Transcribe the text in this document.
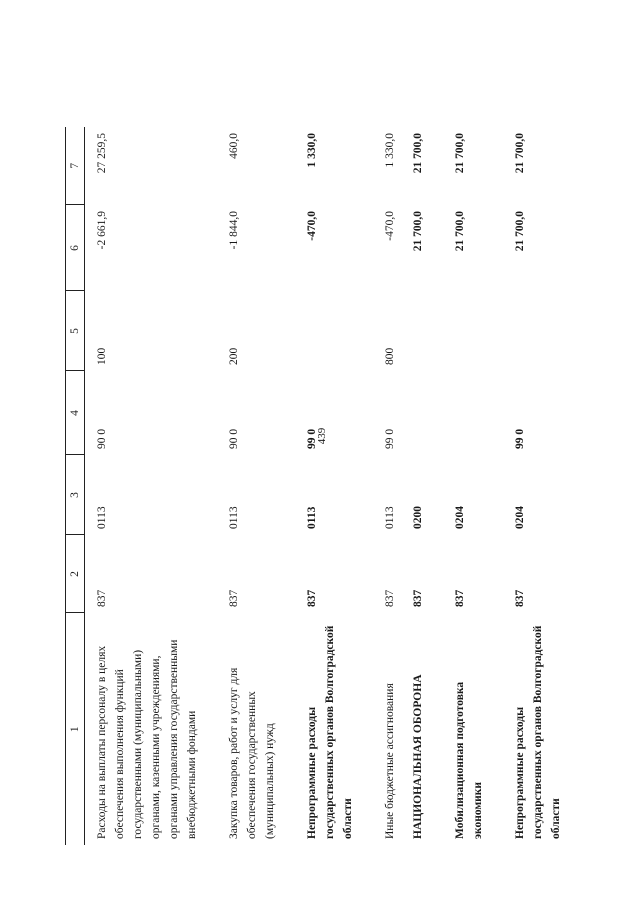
439
1	2	3	4	5	6	7
Расходы на выплаты персоналу в целях обеспечения выполнения функций государственными (муниципальными) органами, казенными учреждениями, органами управления государственными внебюджетными фондами	837	0113	90 0	100	-2 661,9	27 259,5
Закупка товаров, работ и услуг для обеспечения государственных (муниципальных) нужд	837	0113	90 0	200	-1 844,0	460,0
Непрограммные расходы государственных органов Волгоградской области	837	0113	99 0		-470,0	1 330,0
Иные бюджетные ассигнования	837	0113	99 0	800	-470,0	1 330,0
НАЦИОНАЛЬНАЯ ОБОРОНА	837	0200			21 700,0	21 700,0
Мобилизационная подготовка экономики	837	0204			21 700,0	21 700,0
Непрограммные расходы государственных органов Волгоградской области	837	0204	99 0		21 700,0	21 700,0
